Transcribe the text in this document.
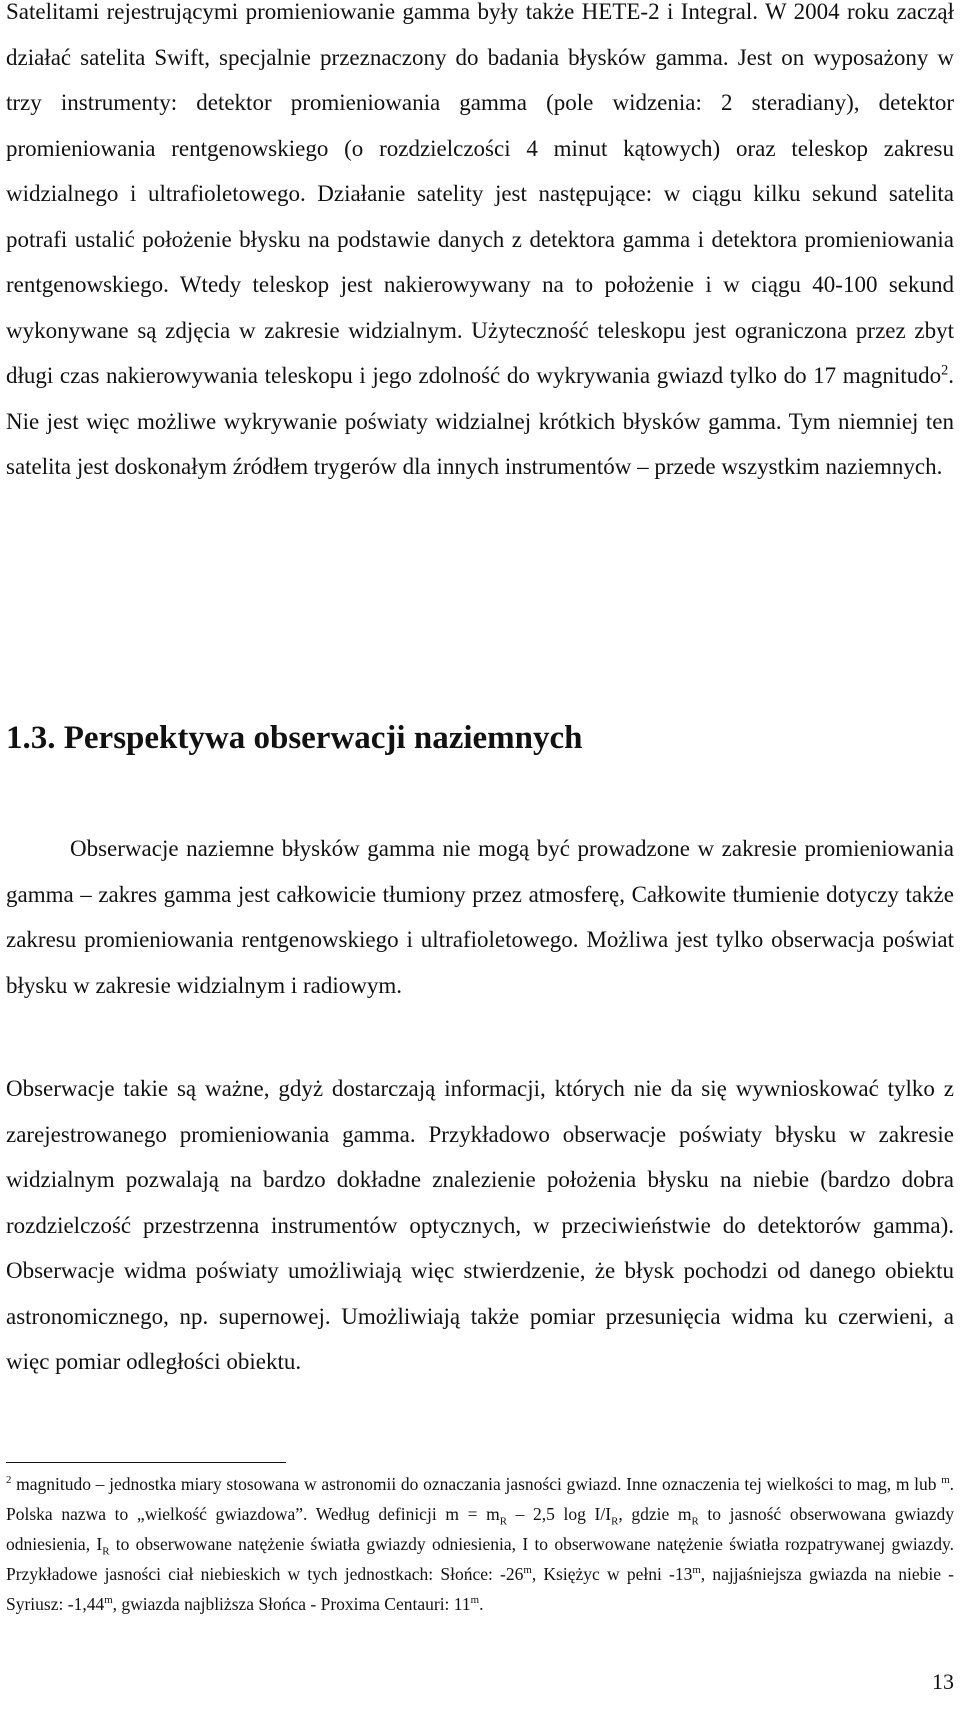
Satelitami rejestrującymi promieniowanie gamma były także HETE-2 i Integral. W 2004 roku zaczął działać satelita Swift, specjalnie przeznaczony do badania błysków gamma. Jest on wyposażony w trzy instrumenty: detektor promieniowania gamma (pole widzenia: 2 steradiany), detektor promieniowania rentgenowskiego (o rozdzielczości 4 minut kątowych) oraz teleskop zakresu widzialnego i ultrafioletowego. Działanie satelity jest następujące: w ciągu kilku sekund satelita potrafi ustalić położenie błysku na podstawie danych z detektora gamma i detektora promieniowania rentgenowskiego. Wtedy teleskop jest nakierowywany na to położenie i w ciągu 40-100 sekund wykonywane są zdjęcia w zakresie widzialnym. Użyteczność teleskopu jest ograniczona przez zbyt długi czas nakierowywania teleskopu i jego zdolność do wykrywania gwiazd tylko do 17 magnitudo$^2$. Nie jest więc możliwe wykrywanie poświaty widzialnej krótkich błysków gamma. Tym niemniej ten satelita jest doskonałym źródłem trygerów dla innych instrumentów – przede wszystkim naziemnych.

1.3. Perspektywa obserwacji naziemnych

Obserwacje naziemne błysków gamma nie mogą być prowadzone w zakresie promieniowania gamma – zakres gamma jest całkowicie tłumiony przez atmosferę, Całkowite tłumienie dotyczy także zakresu promieniowania rentgenowskiego i ultrafioletowego. Możliwa jest tylko obserwacja poświat błysku w zakresie widzialnym i radiowym.

Obserwacje takie są ważne, gdyż dostarczają informacji, których nie da się wywnioskować tylko z zarejestrowanego promieniowania gamma. Przykładowo obserwacje poświaty błysku w zakresie widzialnym pozwalają na bardzo dokładne znalezienie położenia błysku na niebie (bardzo dobra rozdzielczość przestrzenna instrumentów optycznych, w przeciwieństwie do detektorów gamma). Obserwacje widma poświaty umożliwiają więc stwierdzenie, że błysk pochodzi od danego obiektu astronomicznego, np. supernowej. Umożliwiają także pomiar przesunięcia widma ku czerwieni, a więc pomiar odległości obiektu.

$^2$ magnitudo – jednostka miary stosowana w astronomii do oznaczania jasności gwiazd. Inne oznaczenia tej wielkości to mag, m lub $^m$. Polska nazwa to „wielkość gwiazdowa”. Według definicji $m = m_R - 2,5$ $\log I/I_R$, gdzie $m_R$ to jasność obserwowana gwiazdy odniesienia, $I_R$ to obserwowane natężenie światła gwiazdy odniesienia, I to obserwowane natężenie światła rozpatrywanej gwiazdy. Przykładowe jasności ciał niebieskich w tych jednostkach: Słońce: -26$^m$, Księżyc w pełni -13$^m$, najjaśniejsza gwiazda na niebie - Syriusz: -1,44$^m$, gwiazda najbliższa Słońca - Proxima Centauri: 11$^m$.

13
